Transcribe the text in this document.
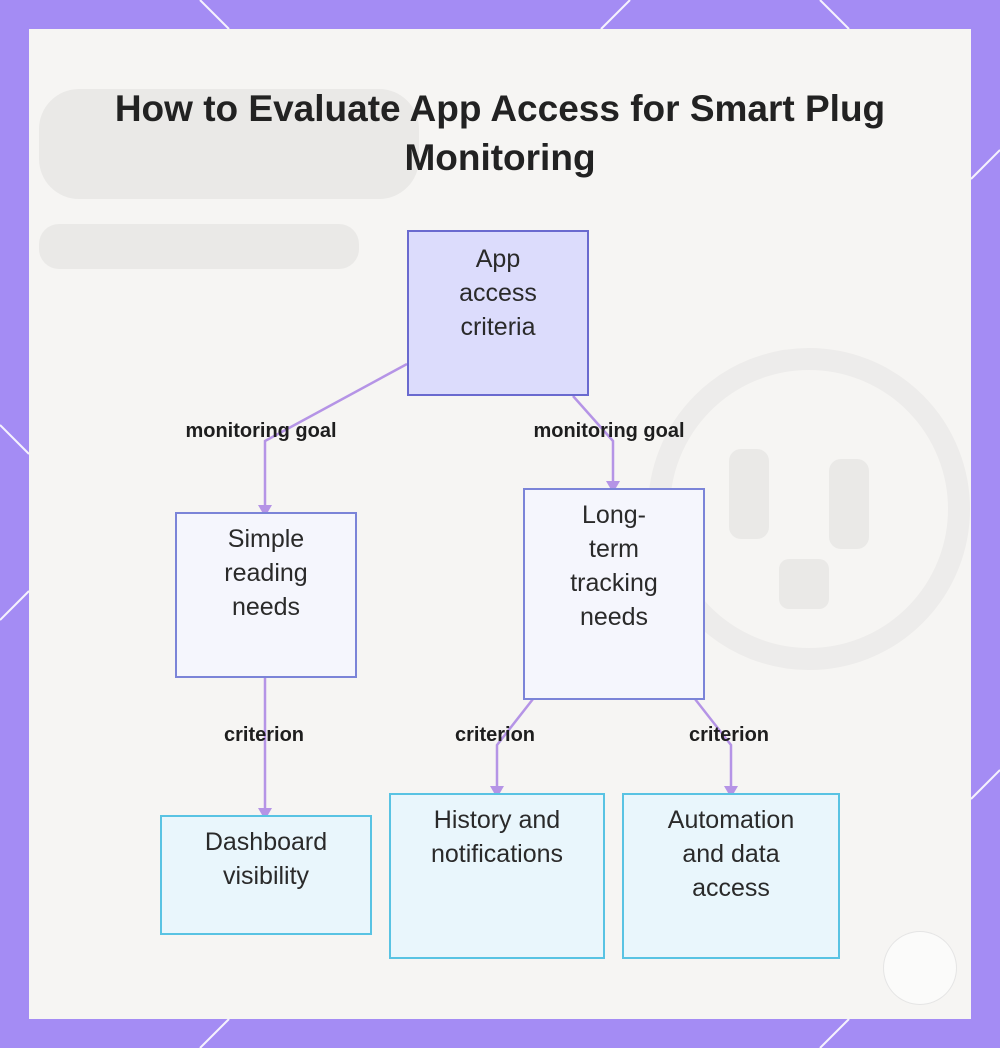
How to Evaluate App Access for Smart Plug Monitoring
App access criteria
Simple reading needs
Long-term tracking needs
Dashboard visibility
History and notifications
Automation and data access
monitoring goal	monitoring goal
criterion	criterion	criterion
